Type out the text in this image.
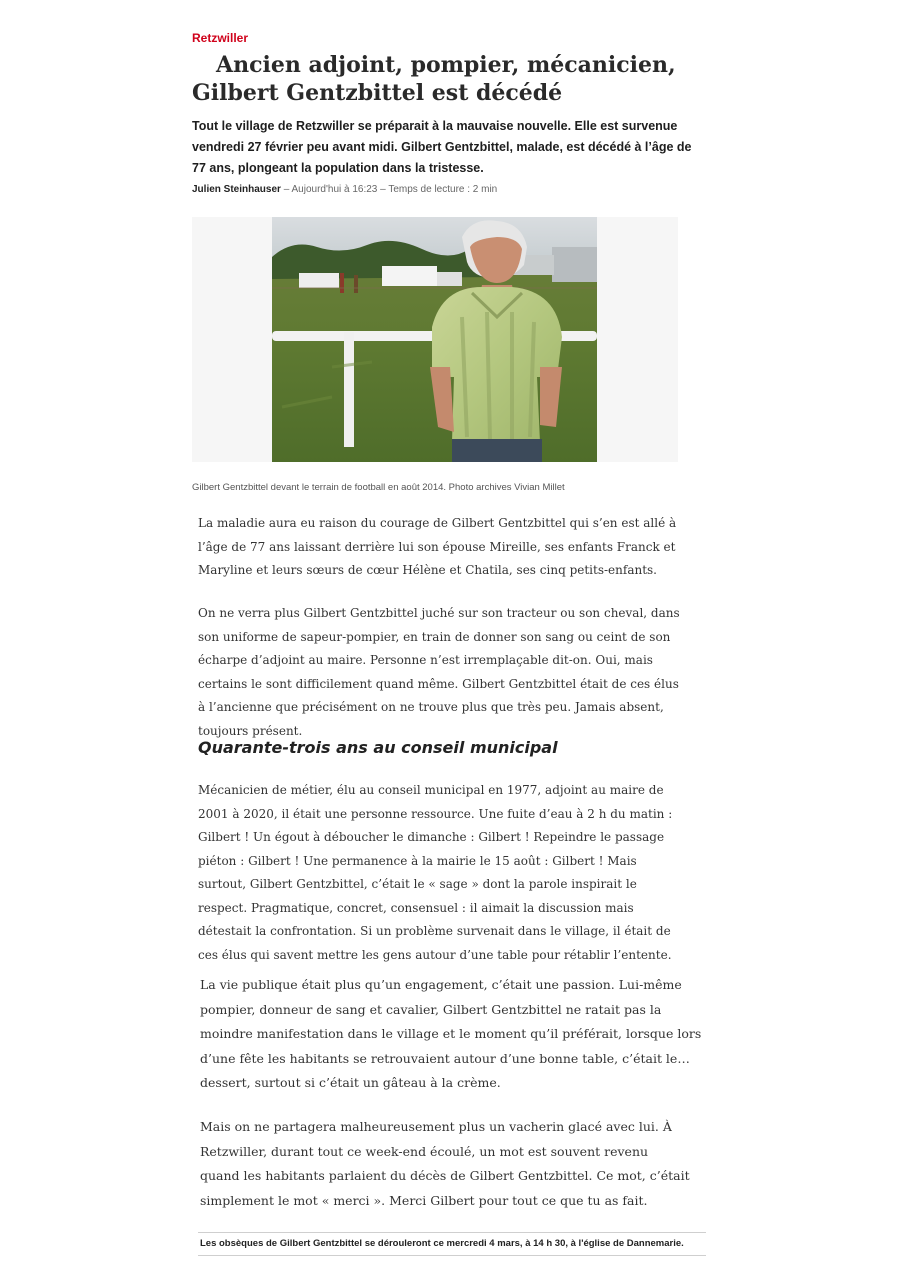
Retzwiller
Ancien adjoint, pompier, mécanicien, Gilbert Gentzbittel est décédé

Tout le village de Retzwiller se préparait à la mauvaise nouvelle. Elle est survenue vendredi 27 février peu avant midi. Gilbert Gentzbittel, malade, est décédé à l’âge de 77 ans, plongeant la population dans la tristesse.

Julien Steinhauser – Aujourd'hui à 16:23 – Temps de lecture : 2 min
Gilbert Gentzbittel devant le terrain de football en août 2014. Photo archives Vivian Millet

La maladie aura eu raison du courage de Gilbert Gentzbittel qui s’en est allé à l’âge de 77 ans laissant derrière lui son épouse Mireille, ses enfants Franck et Maryline et leurs sœurs de cœur Hélène et Chatila, ses cinq petits-enfants.

On ne verra plus Gilbert Gentzbittel juché sur son tracteur ou son cheval, dans son uniforme de sapeur-pompier, en train de donner son sang ou ceint de son écharpe d’adjoint au maire. Personne n’est irremplaçable dit-on. Oui, mais certains le sont difficilement quand même. Gilbert Gentzbittel était de ces élus à l’ancienne que précisément on ne trouve plus que très peu. Jamais absent, toujours présent.

Quarante-trois ans au conseil municipal

Mécanicien de métier, élu au conseil municipal en 1977, adjoint au maire de 2001 à 2020, il était une personne ressource. Une fuite d’eau à 2 h du matin : Gilbert ! Un égout à déboucher le dimanche : Gilbert ! Repeindre le passage piéton : Gilbert ! Une permanence à la mairie le 15 août : Gilbert ! Mais surtout, Gilbert Gentzbittel, c’était le « sage » dont la parole inspirait le respect. Pragmatique, concret, consensuel : il aimait la discussion mais détestait la confrontation. Si un problème survenait dans le village, il était de ces élus qui savent mettre les gens autour d’une table pour rétablir l’entente.

La vie publique était plus qu’un engagement, c’était une passion. Lui-même pompier, donneur de sang et cavalier, Gilbert Gentzbittel ne ratait pas la moindre manifestation dans le village et le moment qu’il préférait, lorsque lors d’une fête les habitants se retrouvaient autour d’une bonne table, c’était le… dessert, surtout si c’était un gâteau à la crème.

Mais on ne partagera malheureusement plus un vacherin glacé avec lui. À Retzwiller, durant tout ce week-end écoulé, un mot est souvent revenu quand les habitants parlaient du décès de Gilbert Gentzbittel. Ce mot, c’était simplement le mot « merci ». Merci Gilbert pour tout ce que tu as fait.

Les obsèques de Gilbert Gentzbittel se dérouleront ce mercredi 4 mars, à 14 h 30, à l'église de Dannemarie.
